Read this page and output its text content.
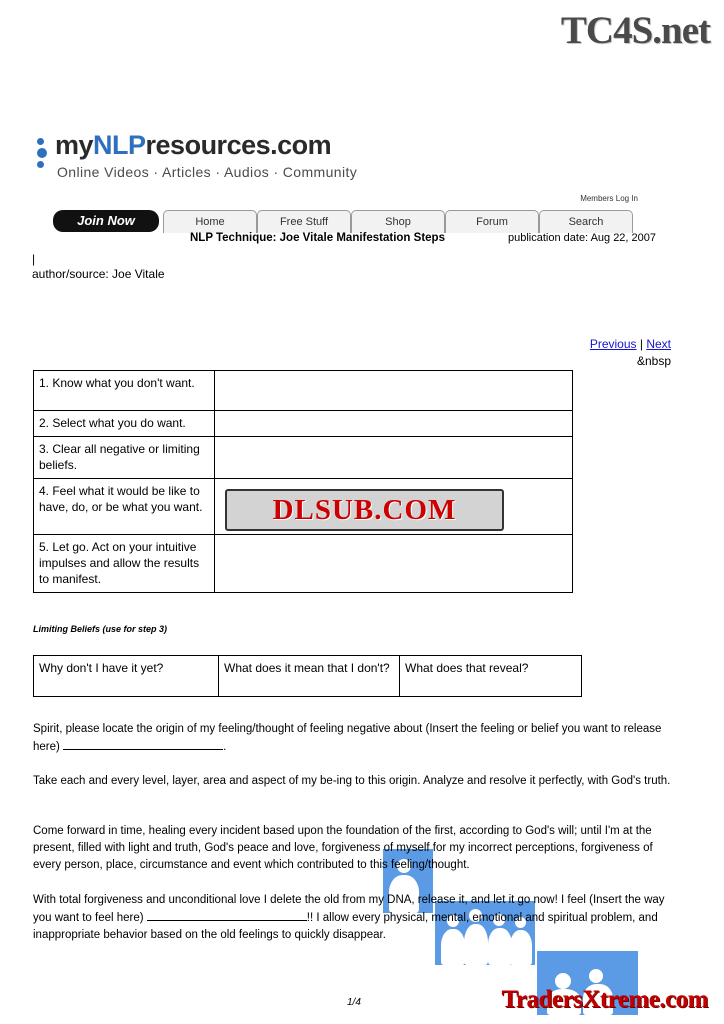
TC4S.net
myNLPresources.com
Online Videos · Articles · Audios · Community
Members Log In
Join Now	Home	Free Stuff	Shop	Forum	Search
NLP Technique: Joe Vitale Manifestation Steps	publication date: Aug 22, 2007
|
author/source: Joe Vitale
Previous | Next
&nbsp
1. Know what you don't want.	
2. Select what you do want.	
3. Clear all negative or limiting beliefs.	
4. Feel what it would be like to have, do, or be what you want.	
5. Let go. Act on your intuitive impulses and allow the results to manifest.	
DLSUB.COM
Limiting Beliefs (use for step 3)
Why don't I have it yet?	What does it mean that I don't?	What does that reveal?
Spirit, please locate the origin of my feeling/thought of feeling negative about (Insert the feeling or belief you want to release here)	.
Take each and every level, layer, area and aspect of my be-ing to this origin. Analyze and resolve it perfectly, with God's truth.
Come forward in time, healing every incident based upon the foundation of the first, according to God's will; until I'm at the present, filled with light and truth, God's peace and love, forgiveness of myself for my incorrect perceptions, forgiveness of every person, place, circumstance and event which contributed to this feeling/thought.
With total forgiveness and unconditional love I delete the old from my DNA, release it, and let it go now! I feel (Insert the way you want to feel here)	!! I allow every physical, mental, emotional and spiritual problem, and inappropriate behavior based on the old feelings to quickly disappear.
1/4	TradersXtreme.com
